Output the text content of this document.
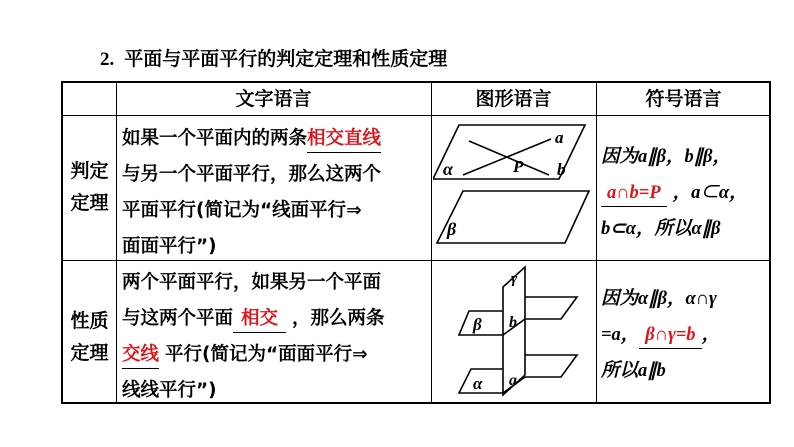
2. 平面与平面平行的判定定理和性质定理
文字语言	图形语言	符号语言
判定
定理
如果一个平面内的两条相交直线
与另一个平面平行，那么这两个
平面平行(简记为“线面平行⇒
面面平行”)
a
b
P
α
β
因为a∥β，b∥β，
a∩b=P ，a⊂α，
b⊂α，所以α∥β
性质
定理
两个平面平行，如果另一个平面
与这两个平面 相交 ，那么两条
交线 平行(简记为“面面平行⇒
线线平行”)
γ
β b
α a
因为α∥β，α∩γ
=a， β∩γ=b ，
所以a∥b
